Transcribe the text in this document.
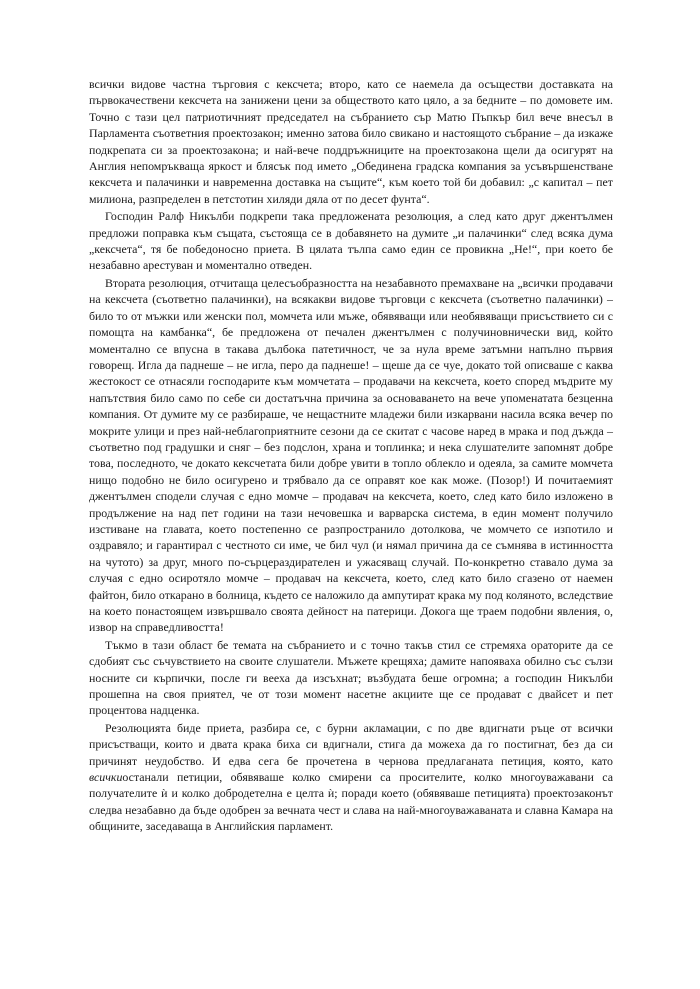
всички видове частна търговия с кексчета; второ, като се наемела да осъществи доставката на първокачествени кексчета на занижени цени за обществото като цяло, а за бедните – по домовете им. Точно с тази цел патриотичният председател на събранието сър Матю Пъпкър бил вече внесъл в Парламента съответния проектозакон; именно затова било свикано и настоящото събрание – да изкаже подкрепата си за проектозакона; и най-вече поддръжниците на проектозакона щели да осигурят на Англия непомръкваща яркост и блясък под името „Обединена градска компания за усъвършенстване кексчета и палачинки и навременна доставка на същите“, към което той би добавил: „с капитал – пет милиона, разпределен в петстотин хиляди дяла от по десет фунта“.

Господин Ралф Никълби подкрепи така предложената резолюция, а след като друг джентълмен предложи поправка към същата, състояща се в добавянето на думите „и палачинки“ след всяка дума „кексчета“, тя бе победоносно приета. В цялата тълпа само един се провикна „Не!“, при което бе незабавно арестуван и моментално отведен.

Втората резолюция, отчитаща целесъобразността на незабавното премахване на „всички продавачи на кексчета (съответно палачинки), на всякакви видове търговци с кексчета (съответно палачинки) – било то от мъжки или женски пол, момчета или мъже, обявяващи или необявяващи присъствието си с помощта на камбанка“, бе предложена от печален джентълмен с получиновнически вид, който моментално се впусна в такава дълбока патетичност, че за нула време затъмни напълно първия говорещ. Игла да паднеше – не игла, перо да паднеше! – щеше да се чуе, докато той описваше с каква жестокост се отнасяли господарите към момчетата – продавачи на кексчета, което според мъдрите му напътствия било само по себе си достатъчна причина за основаването на вече упоменатата безценна компания. От думите му се разбираше, че нещастните младежи били изкарвани насила всяка вечер по мокрите улици и през най-неблагоприятните сезони да се скитат с часове наред в мрака и под дъжда – съответно под градушки и сняг – без подслон, храна и топлинка; и нека слушателите запомнят добре това, последното, че докато кексчетата били добре увити в топло облекло и одеяла, за самите момчета нищо подобно не било осигурено и трябвало да се оправят кое как може. (Позор!) И почитаемият джентълмен сподели случая с едно момче – продавач на кексчета, което, след като било изложено в продължение на над пет години на тази нечовешка и варварска система, в един момент получило изстиване на главата, което постепенно се разпространило дотолкова, че момчето се изпотило и оздравяло; и гарантирал с честното си име, че бил чул (и нямал причина да се съмнява в истинността на чутото) за друг, много по-сърцераздирателен и ужасяващ случай. По-конкретно ставало дума за случая с едно осиротяло момче – продавач на кексчета, което, след като било сгазено от наемен файтон, било откарано в болница, където се наложило да ампутират крака му под коляното, вследствие на което понастоящем извършвало своята дейност на патерици. Докога ще траем подобни явления, о, извор на справедливостта!

Тъкмо в тази област бе темата на събранието и с точно такъв стил се стремяха ораторите да се сдобият със съчувствието на своите слушатели. Мъжете крещяха; дамите напояваха обилно със сълзи носните си кърпички, после ги вееха да изсъхнат; възбудата беше огромна; а господин Никълби прошепна на своя приятел, че от този момент насетне акциите ще се продават с двайсет и пет процентова надценка.

Резолюцията биде приета, разбира се, с бурни акламации, с по две вдигнати ръце от всички присъстващи, които и двата крака биха си вдигнали, стига да можеха да го постигнат, без да си причинят неудобство. И едва сега бе прочетена в чернова предлаганата петиция, която, като всичкиостанали петиции, обявяваше колко смирени са просителите, колко многоуважавани са получателите ѝ и колко добродетелна е целта ѝ; поради което (обявяваше петицията) проектозаконът следва незабавно да бъде одобрен за вечната чест и слава на най-многоуважаваната и славна Камара на общините, заседаваща в Английския парламент.
